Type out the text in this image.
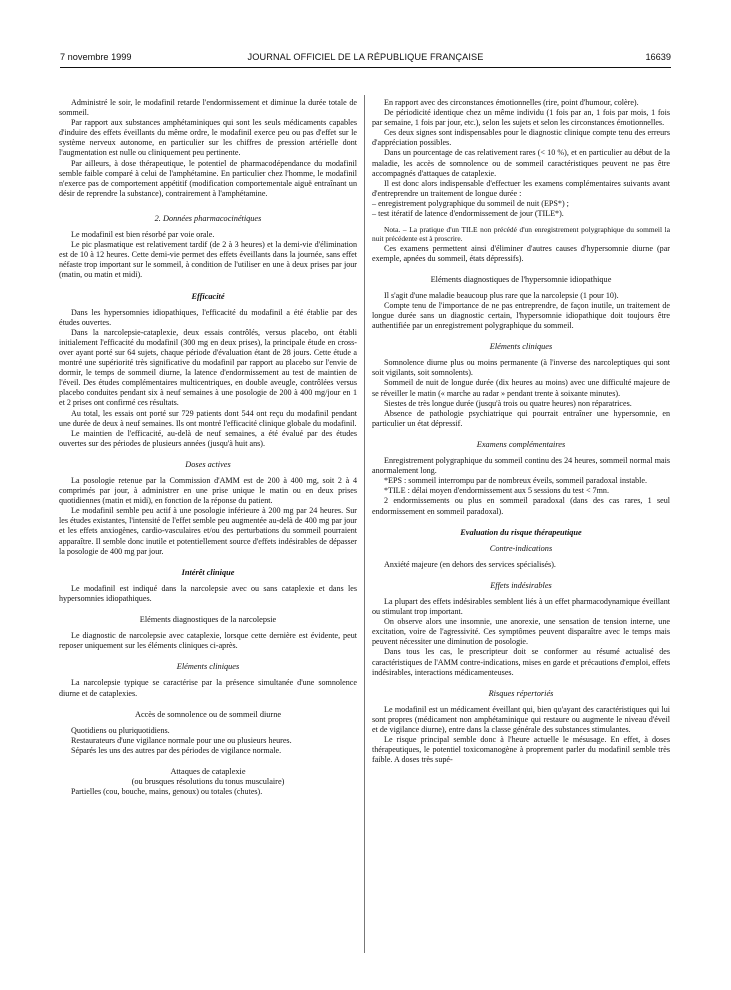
7 novembre 1999	JOURNAL OFFICIEL DE LA RÉPUBLIQUE FRANÇAISE	16639

Administré le soir, le modafinil retarde l'endormissement et diminue la durée totale de sommeil.

Par rapport aux substances amphétaminiques qui sont les seuls médicaments capables d'induire des effets éveillants du même ordre, le modafinil exerce peu ou pas d'effet sur le système nerveux autonome, en particulier sur les chiffres de pression artérielle dont l'augmentation est nulle ou cliniquement peu pertinente.

Par ailleurs, à dose thérapeutique, le potentiel de pharmacodépendance du modafinil semble faible comparé à celui de l'amphétamine. En particulier chez l'homme, le modafinil n'exerce pas de comportement appétitif (modification comportementale aiguë entraînant un désir de reprendre la substance), contrairement à l'amphétamine.

2. Données pharmacocinétiques

Le modafinil est bien résorbé par voie orale.

Le pic plasmatique est relativement tardif (de 2 à 3 heures) et la demi-vie d'élimination est de 10 à 12 heures. Cette demi-vie permet des effets éveillants dans la journée, sans effet néfaste trop important sur le sommeil, à condition de l'utiliser en une à deux prises par jour (matin, ou matin et midi).

Efficacité

Dans les hypersomnies idiopathiques, l'efficacité du modafinil a été établie par des études ouvertes.

Dans la narcolepsie-cataplexie, deux essais contrôlés, versus placebo, ont établi initialement l'efficacité du modafinil (300 mg en deux prises), la principale étude en cross-over ayant porté sur 64 sujets, chaque période d'évaluation étant de 28 jours. Cette étude a montré une supériorité très significative du modafinil par rapport au placebo sur l'envie de dormir, le temps de sommeil diurne, la latence d'endormissement au test de maintien de l'éveil. Des études complémentaires multicentriques, en double aveugle, contrôlées versus placebo conduites pendant six à neuf semaines à une posologie de 200 à 400 mg/jour en 1 et 2 prises ont confirmé ces résultats.

Au total, les essais ont porté sur 729 patients dont 544 ont reçu du modafinil pendant une durée de deux à neuf semaines. Ils ont montré l'efficacité clinique globale du modafinil.

Le maintien de l'efficacité, au-delà de neuf semaines, a été évalué par des études ouvertes sur des périodes de plusieurs années (jusqu'à huit ans).

Doses actives

La posologie retenue par la Commission d'AMM est de 200 à 400 mg, soit 2 à 4 comprimés par jour, à administrer en une prise unique le matin ou en deux prises quotidiennes (matin et midi), en fonction de la réponse du patient.

Le modafinil semble peu actif à une posologie inférieure à 200 mg par 24 heures. Sur les études existantes, l'intensité de l'effet semble peu augmentée au-delà de 400 mg par jour et les effets anxiogènes, cardio-vasculaires et/ou des perturbations du sommeil pourraient apparaître. Il semble donc inutile et potentiellement source d'effets indésirables de dépasser la posologie de 400 mg par jour.

Intérêt clinique

Le modafinil est indiqué dans la narcolepsie avec ou sans cataplexie et dans les hypersomnies idiopathiques.

Eléments diagnostiques de la narcolepsie

Le diagnostic de narcolepsie avec cataplexie, lorsque cette dernière est évidente, peut reposer uniquement sur les éléments cliniques ci-après.

Eléments cliniques

La narcolepsie typique se caractérise par la présence simultanée d'une somnolence diurne et de cataplexies.

Accès de somnolence ou de sommeil diurne

Quotidiens ou pluriquotidiens.

Restaurateurs d'une vigilance normale pour une ou plusieurs heures.

Séparés les uns des autres par des périodes de vigilance normale.

Attaques de cataplexie
(ou brusques résolutions du tonus musculaire)

Partielles (cou, bouche, mains, genoux) ou totales (chutes).

En rapport avec des circonstances émotionnelles (rire, point d'humour, colère).

De périodicité identique chez un même individu (1 fois par an, 1 fois par mois, 1 fois par semaine, 1 fois par jour, etc.), selon les sujets et selon les circonstances émotionnelles.

Ces deux signes sont indispensables pour le diagnostic clinique compte tenu des erreurs d'appréciation possibles.

Dans un pourcentage de cas relativement rares (< 10 %), et en particulier au début de la maladie, les accès de somnolence ou de sommeil caractéristiques peuvent ne pas être accompagnés d'attaques de cataplexie.

Il est donc alors indispensable d'effectuer les examens complémentaires suivants avant d'entreprendre un traitement de longue durée :

– enregistrement polygraphique du sommeil de nuit (EPS*) ;

– test itératif de latence d'endormissement de jour (TILE*).

Nota. – La pratique d'un TILE non précédé d'un enregistrement polygraphique du sommeil la nuit précédente est à proscrire.

Ces examens permettent ainsi d'éliminer d'autres causes d'hypersomnie diurne (par exemple, apnées du sommeil, états dépressifs).

Eléments diagnostiques de l'hypersomnie idiopathique

Il s'agit d'une maladie beaucoup plus rare que la narcolepsie (1 pour 10).

Compte tenu de l'importance de ne pas entreprendre, de façon inutile, un traitement de longue durée sans un diagnostic certain, l'hypersomnie idiopathique doit toujours être authentifiée par un enregistrement polygraphique du sommeil.

Eléments cliniques

Somnolence diurne plus ou moins permanente (à l'inverse des narcoleptiques qui sont soit vigilants, soit somnolents).

Sommeil de nuit de longue durée (dix heures au moins) avec une difficulté majeure de se réveiller le matin (« marche au radar » pendant trente à soixante minutes).

Siestes de très longue durée (jusqu'à trois ou quatre heures) non réparatrices.

Absence de pathologie psychiatrique qui pourrait entraîner une hypersomnie, en particulier un état dépressif.

Examens complémentaires

Enregistrement polygraphique du sommeil continu des 24 heures, sommeil normal mais anormalement long.

*EPS : sommeil interrompu par de nombreux éveils, sommeil paradoxal instable.

*TILE : délai moyen d'endormissement aux 5 sessions du test < 7mn.

2 endormissements ou plus en sommeil paradoxal (dans des cas rares, 1 seul endormissement en sommeil paradoxal).

Evaluation du risque thérapeutique
Contre-indications

Anxiété majeure (en dehors des services spécialisés).

Effets indésirables

La plupart des effets indésirables semblent liés à un effet pharmacodynamique éveillant ou stimulant trop important.

On observe alors une insomnie, une anorexie, une sensation de tension interne, une excitation, voire de l'agressivité. Ces symptômes peuvent disparaître avec le temps mais peuvent nécessiter une diminution de posologie.

Dans tous les cas, le prescripteur doit se conformer au résumé actualisé des caractéristiques de l'AMM contre-indications, mises en garde et précautions d'emploi, effets indésirables, interactions médicamenteuses.

Risques répertoriés

Le modafinil est un médicament éveillant qui, bien qu'ayant des caractéristiques qui lui sont propres (médicament non amphétaminique qui restaure ou augmente le niveau d'éveil et de vigilance diurne), entre dans la classe générale des substances stimulantes.

Le risque principal semble donc à l'heure actuelle le mésusage. En effet, à doses thérapeutiques, le potentiel toxicomanogène à proprement parler du modafinil semble très faible. A doses très supé-
